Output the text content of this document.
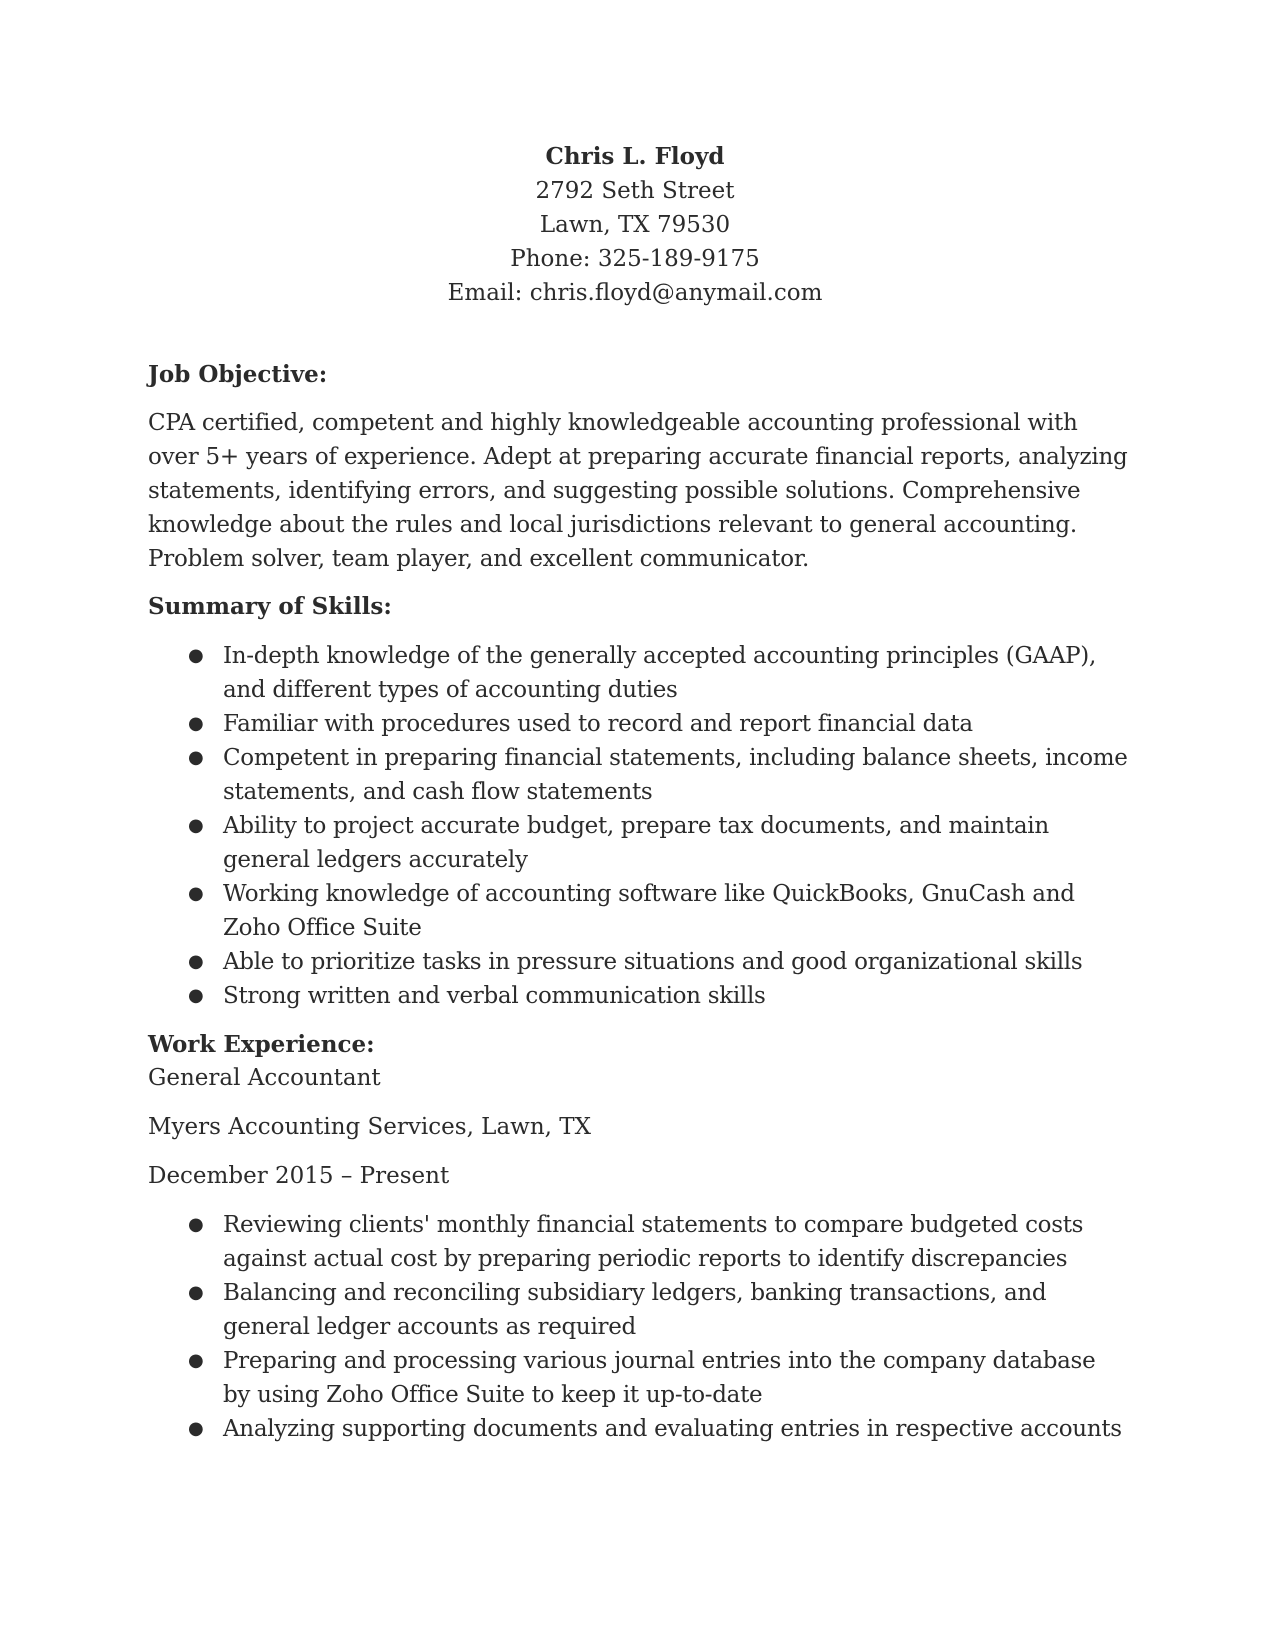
Chris L. Floyd
2792 Seth Street
Lawn, TX 79530
Phone: 325-189-9175
Email: chris.floyd@anymail.com
Job Objective:
CPA certified, competent and highly knowledgeable accounting professional with over 5+ years of experience. Adept at preparing accurate financial reports, analyzing statements, identifying errors, and suggesting possible solutions. Comprehensive knowledge about the rules and local jurisdictions relevant to general accounting. Problem solver, team player, and excellent communicator.
Summary of Skills:
● In-depth knowledge of the generally accepted accounting principles (GAAP), and different types of accounting duties
● Familiar with procedures used to record and report financial data
● Competent in preparing financial statements, including balance sheets, income statements, and cash flow statements
● Ability to project accurate budget, prepare tax documents, and maintain general ledgers accurately
● Working knowledge of accounting software like QuickBooks, GnuCash and Zoho Office Suite
● Able to prioritize tasks in pressure situations and good organizational skills
● Strong written and verbal communication skills
Work Experience:
General Accountant
Myers Accounting Services, Lawn, TX
December 2015 – Present
● Reviewing clients' monthly financial statements to compare budgeted costs against actual cost by preparing periodic reports to identify discrepancies
● Balancing and reconciling subsidiary ledgers, banking transactions, and general ledger accounts as required
● Preparing and processing various journal entries into the company database by using Zoho Office Suite to keep it up-to-date
● Analyzing supporting documents and evaluating entries in respective accounts
